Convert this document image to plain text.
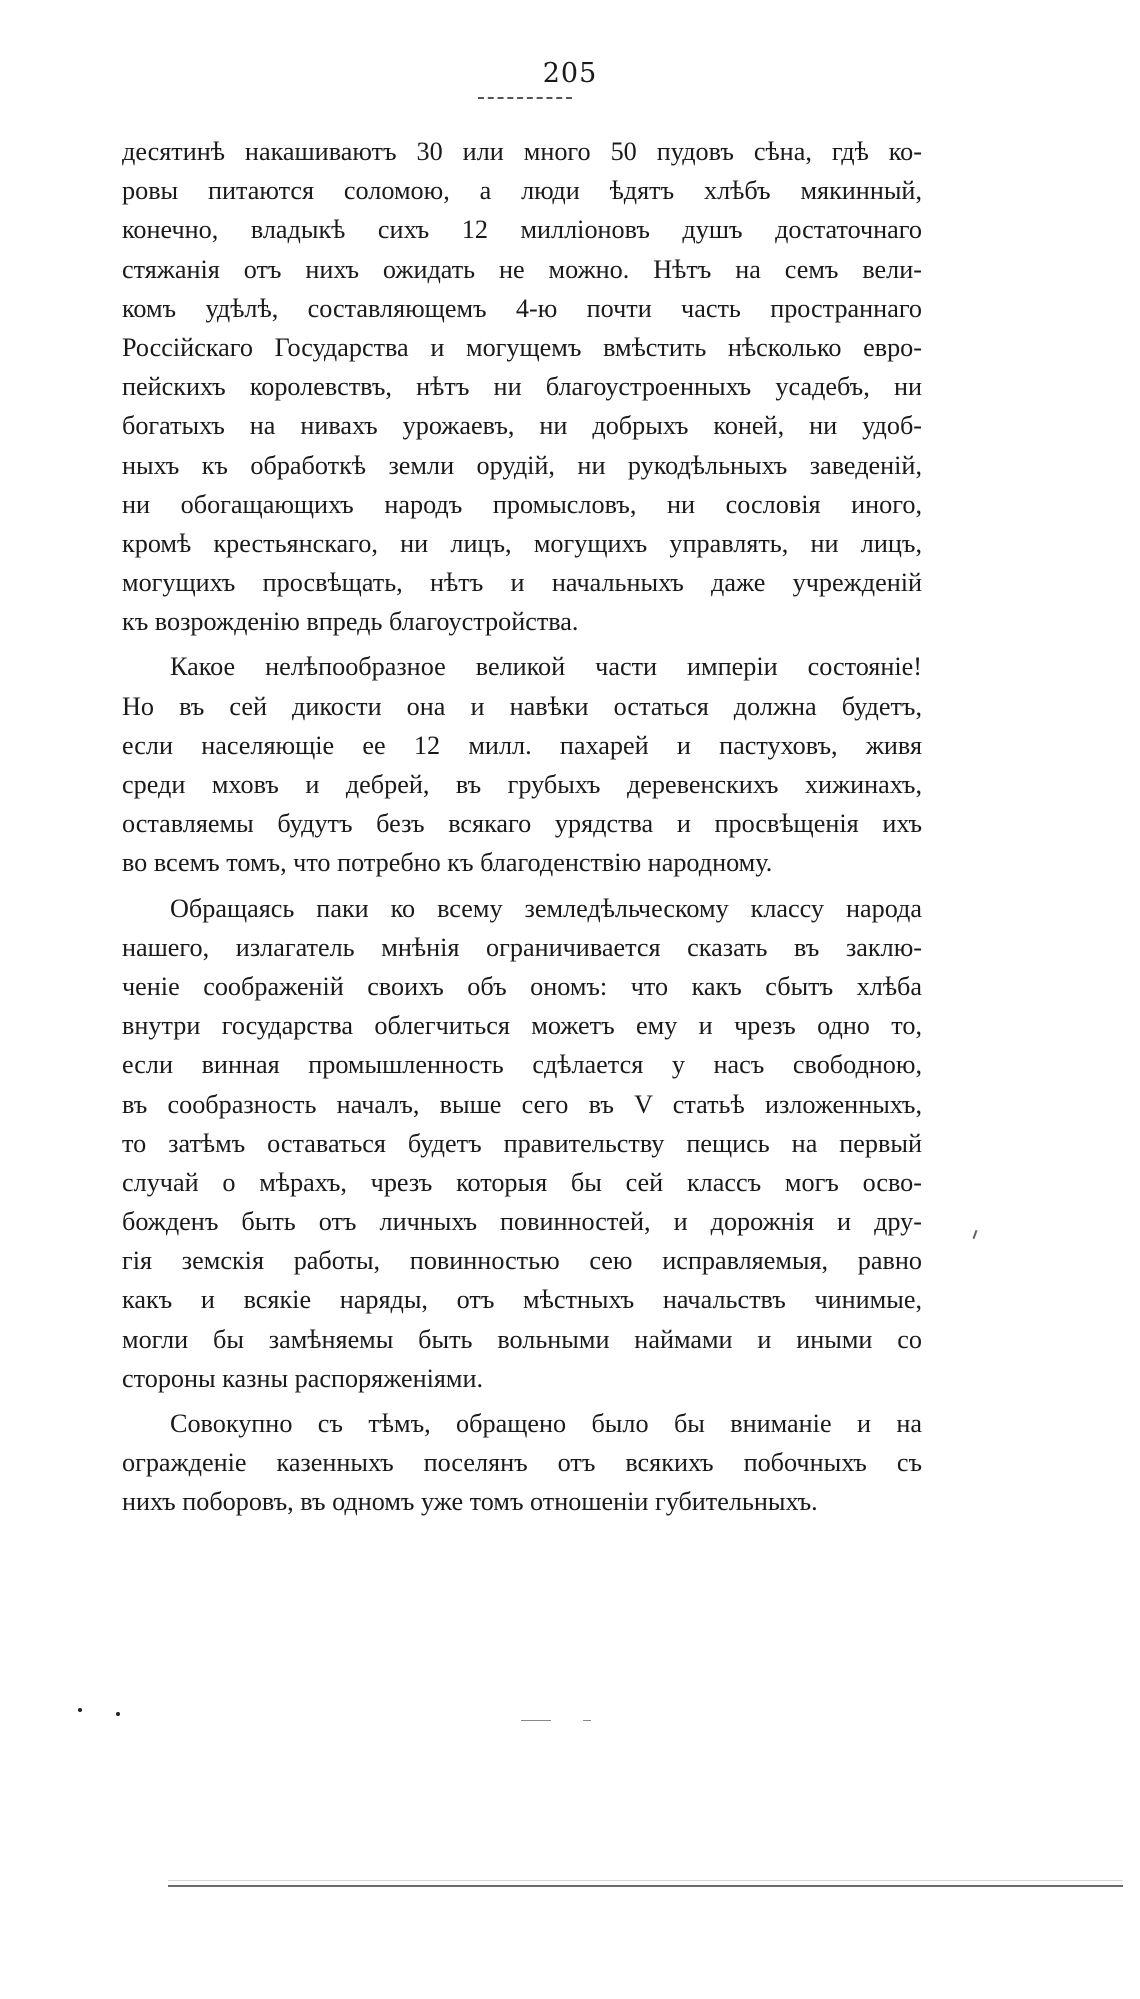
205
десятинѣ накашиваютъ 30 или много 50 пудовъ сѣна, гдѣ ко-
ровы питаются соломою, а люди ѣдятъ хлѣбъ мякинный,
конечно, владыкѣ сихъ 12 милліоновъ душъ достаточнаго
стяжанія отъ нихъ ожидать не можно. Нѣтъ на семъ вели-
комъ удѣлѣ, составляющемъ 4-ю почти часть пространнаго
Россійскаго Государства и могущемъ вмѣстить нѣсколько евро-
пейскихъ королевствъ, нѣтъ ни благоустроенныхъ усадебъ, ни
богатыхъ на нивахъ урожаевъ, ни добрыхъ коней, ни удоб-
ныхъ къ обработкѣ земли орудій, ни рукодѣльныхъ заведеній,
ни обогащающихъ народъ промысловъ, ни сословія иного,
кромѣ крестьянскаго, ни лицъ, могущихъ управлять, ни лицъ,
могущихъ просвѣщать, нѣтъ и начальныхъ даже учрежденій
къ возрожденію впредь благоустройства.
Какое нелѣпообразное великой части имперіи состояніе!
Но въ сей дикости она и навѣки остаться должна будетъ,
если населяющіе ее 12 милл. пахарей и пастуховъ, живя
среди мховъ и дебрей, въ грубыхъ деревенскихъ хижинахъ,
оставляемы будутъ безъ всякаго урядства и просвѣщенія ихъ
во всемъ томъ, что потребно къ благоденствію народному.
Обращаясь паки ко всему земледѣльческому классу народа
нашего, излагатель мнѣнія ограничивается сказать въ заклю-
ченіе соображеній своихъ объ ономъ: что какъ сбытъ хлѣба
внутри государства облегчиться можетъ ему и чрезъ одно то,
если винная промышленность сдѣлается у насъ свободною,
въ сообразность началъ, выше сего въ V статьѣ изложенныхъ,
то затѣмъ оставаться будетъ правительству пещись на первый
случай о мѣрахъ, чрезъ которыя бы сей классъ могъ осво-
божденъ быть отъ личныхъ повинностей, и дорожнія и дру-
гія земскія работы, повинностью сею исправляемыя, равно
какъ и всякіе наряды, отъ мѣстныхъ начальствъ чинимые,
могли бы замѣняемы быть вольными наймами и иными со
стороны казны распоряженіями.
Совокупно съ тѣмъ, обращено было бы вниманіе и на
огражденіе казенныхъ поселянъ отъ всякихъ побочныхъ съ
нихъ поборовъ, въ одномъ уже томъ отношеніи губительныхъ.
